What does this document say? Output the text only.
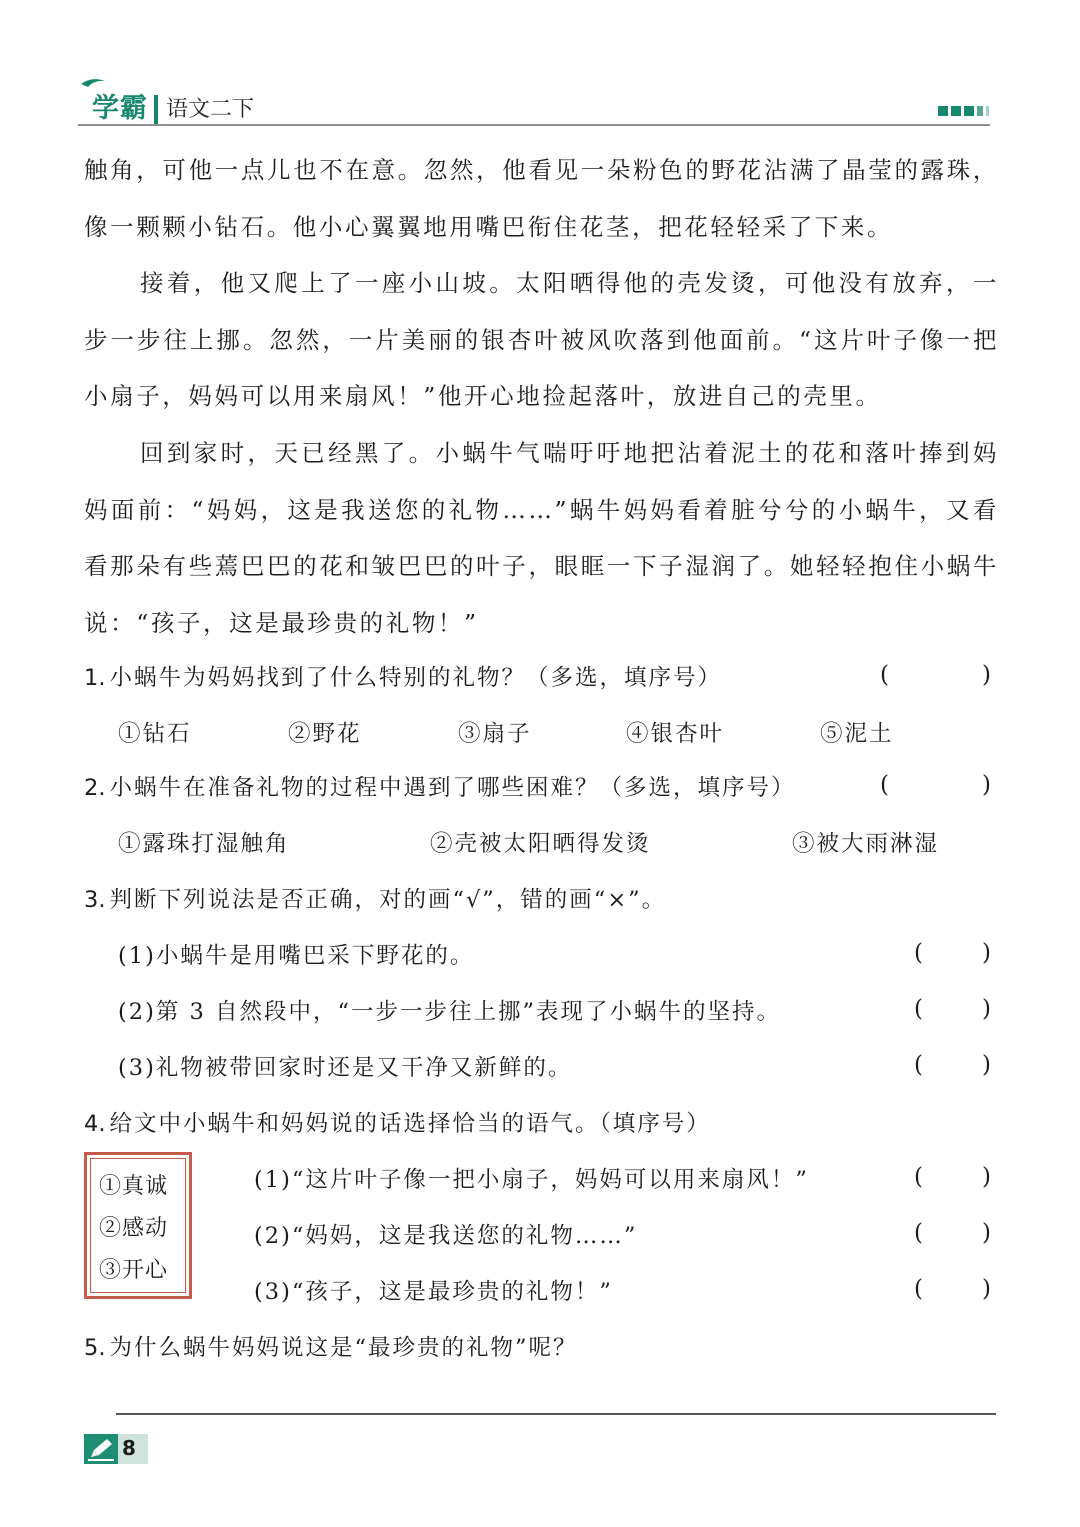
学霸 语文二下

触角，可他一点儿也不在意。忽然，他看见一朵粉色的野花沾满了晶莹的露珠，像一颗颗小钻石。他小心翼翼地用嘴巴衔住花茎，把花轻轻采了下来。

接着，他又爬上了一座小山坡。太阳晒得他的壳发烫，可他没有放弃，一步一步往上挪。忽然，一片美丽的银杏叶被风吹落到他面前。“这片叶子像一把小扇子，妈妈可以用来扇风！”他开心地捡起落叶，放进自己的壳里。

回到家时，天已经黑了。小蜗牛气喘吁吁地把沾着泥土的花和落叶捧到妈妈面前：“妈妈，这是我送您的礼物……”蜗牛妈妈看着脏兮兮的小蜗牛，又看看那朵有些蔫巴巴的花和皱巴巴的叶子，眼眶一下子湿润了。她轻轻抱住小蜗牛说：“孩子，这是最珍贵的礼物！”

1. 小蜗牛为妈妈找到了什么特别的礼物？（多选，填序号）	(	)
①钻石	②野花	③扇子	④银杏叶	⑤泥土
2. 小蜗牛在准备礼物的过程中遇到了哪些困难？（多选，填序号）	(	)
①露珠打湿触角	②壳被太阳晒得发烫	③被大雨淋湿
3. 判断下列说法是否正确，对的画“√”，错的画“×”。
(1)小蜗牛是用嘴巴采下野花的。	(	)
(2)第 3 自然段中，“一步一步往上挪”表现了小蜗牛的坚持。	(	)
(3)礼物被带回家时还是又干净又新鲜的。	(	)
4. 给文中小蜗牛和妈妈说的话选择恰当的语气。（填序号）
①真诚
②感动
③开心
(1)“这片叶子像一把小扇子，妈妈可以用来扇风！”	(	)
(2)“妈妈，这是我送您的礼物……”	(	)
(3)“孩子，这是最珍贵的礼物！”	(	)
5. 为什么蜗牛妈妈说这是“最珍贵的礼物”呢？
8
